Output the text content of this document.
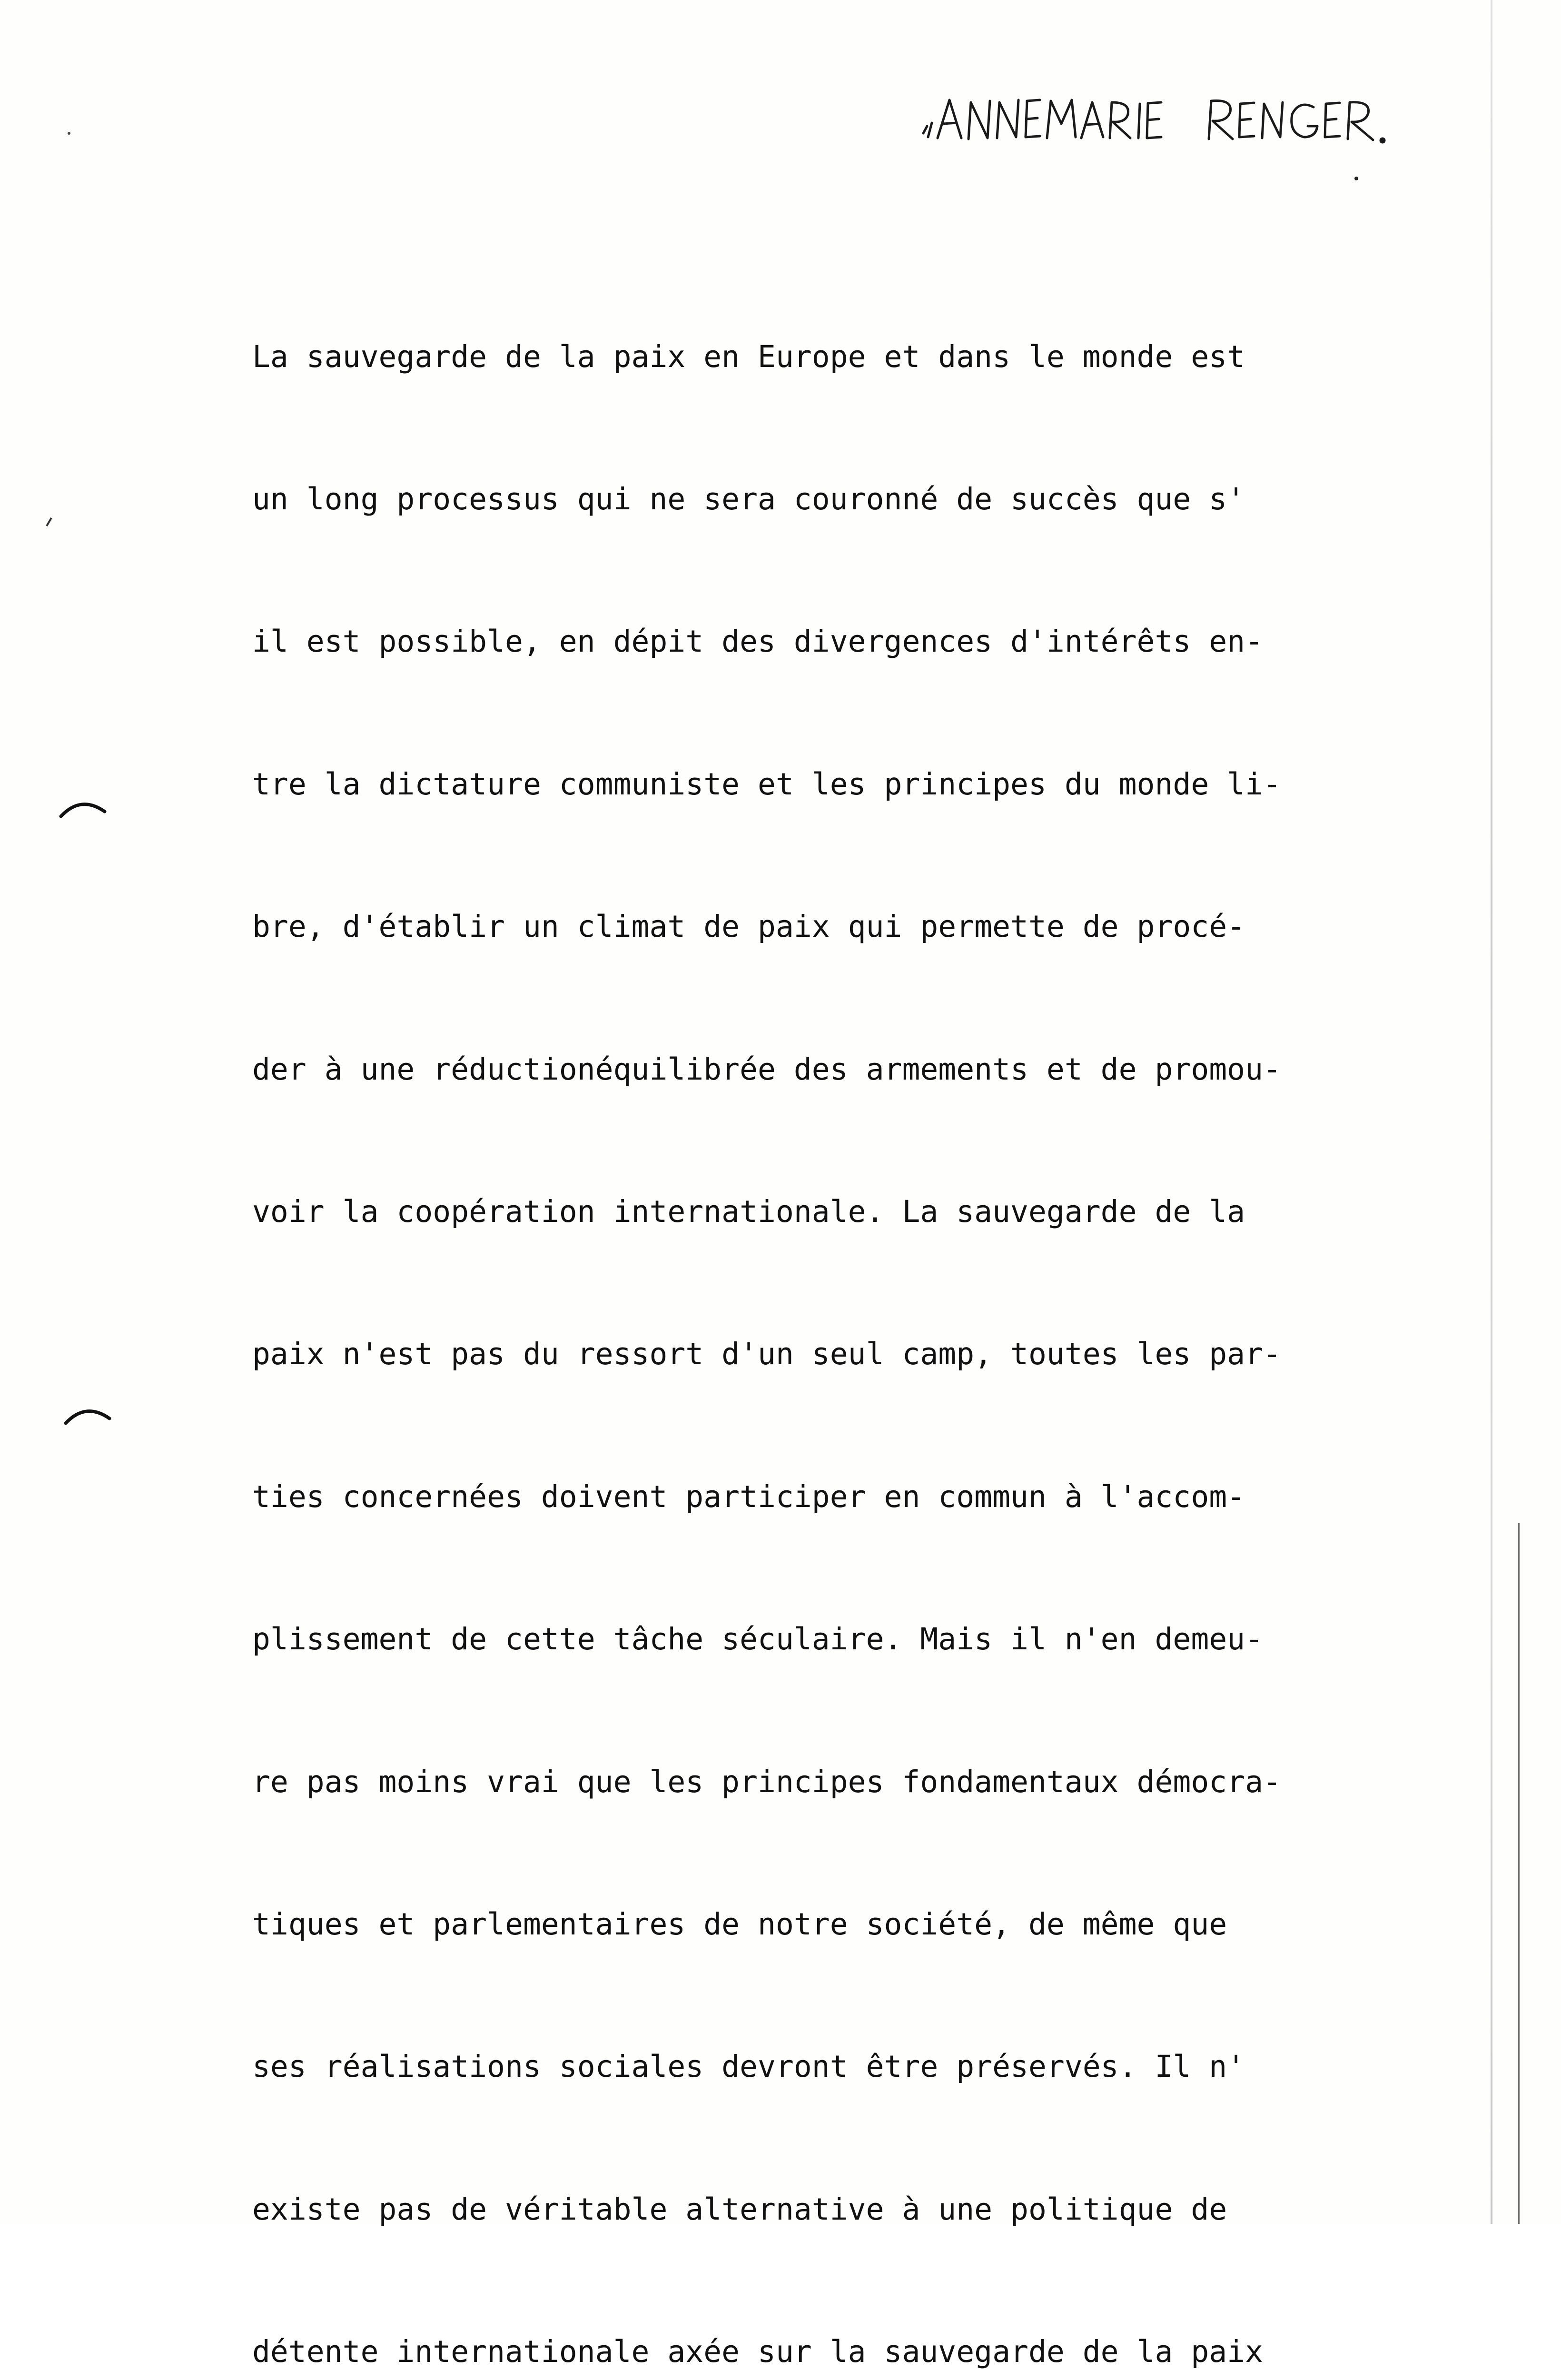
La sauvegarde de la paix en Europe et dans le monde est

un long processus qui ne sera couronné de succès que s'

il est possible, en dépit des divergences d'intérêts en-

tre la dictature communiste et les principes du monde li-

bre, d'établir un climat de paix qui permette de procé-

der à une réductionéquilibrée des armements et de promou-

voir la coopération internationale. La sauvegarde de la

paix n'est pas du ressort d'un seul camp, toutes les par-

ties concernées doivent participer en commun à l'accom-

plissement de cette tâche séculaire. Mais il n'en demeu-

re pas moins vrai que les principes fondamentaux démocra-

tiques et parlementaires de notre société, de même que

ses réalisations sociales devront être préservés. Il n'

existe pas de véritable alternative à une politique de

détente internationale axée sur la sauvegarde de la paix
